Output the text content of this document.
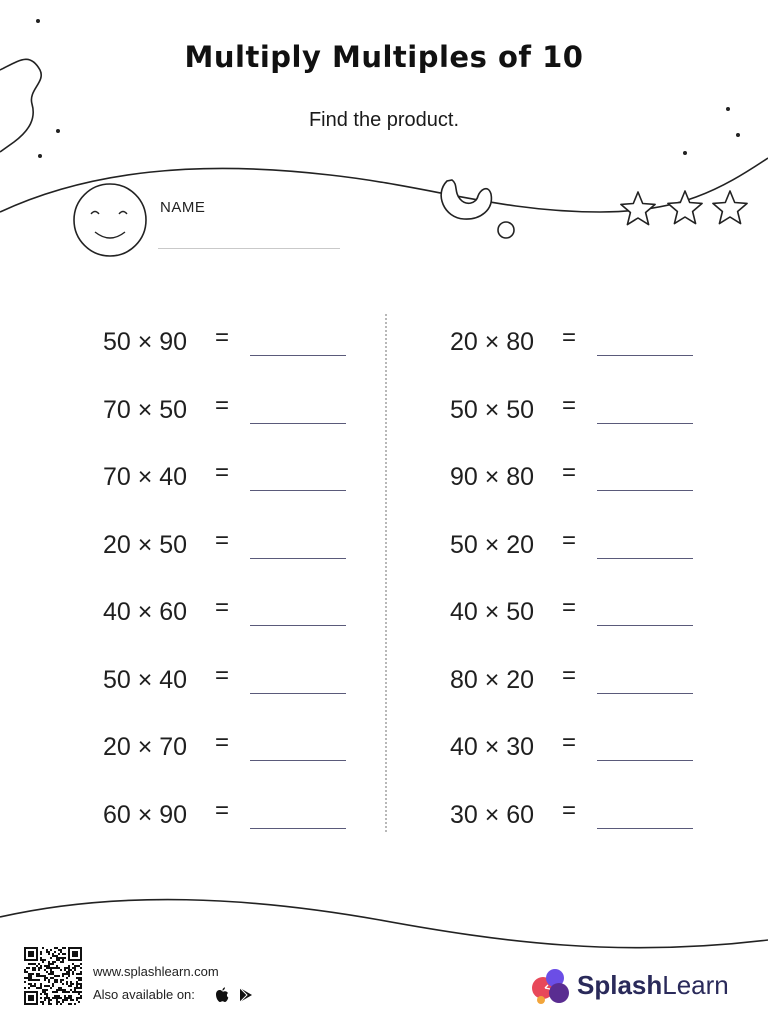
Multiply Multiples of 10
Find the product.
NAME
50 × 90	=
70 × 50	=
70 × 40	=
20 × 50	=
40 × 60	=
50 × 40	=
20 × 70	=
60 × 90	=
20 × 80	=
50 × 50	=
90 × 80	=
50 × 20	=
40 × 50	=
80 × 20	=
40 × 30	=
30 × 60	=
www.splashlearn.com
Also available on:	SplashLearn
